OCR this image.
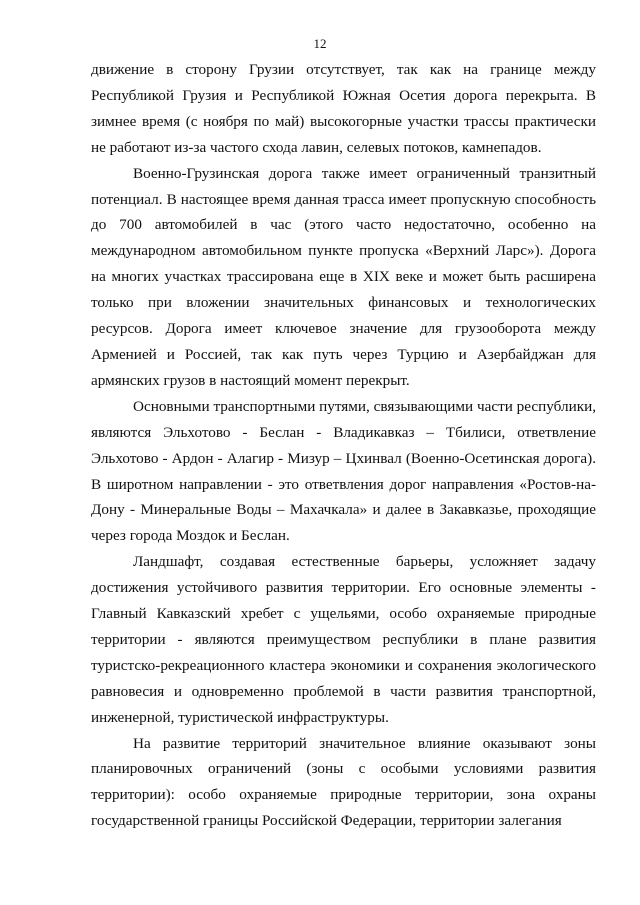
12

движение в сторону Грузии отсутствует, так как на границе между Республикой Грузия и Республикой Южная Осетия дорога перекрыта. В зимнее время (с ноября по май) высокогорные участки трассы практически не работают из-за частого схода лавин, селевых потоков, камнепадов.

Военно-Грузинская дорога также имеет ограниченный транзитный потенциал. В настоящее время данная трасса имеет пропускную способность до 700 автомобилей в час (этого часто недостаточно, особенно на международном автомобильном пункте пропуска «Верхний Ларс»). Дорога на многих участках трассирована еще в XIX веке и может быть расширена только при вложении значительных финансовых и технологических ресурсов. Дорога имеет ключевое значение для грузооборота между Арменией и Россией, так как путь через Турцию и Азербайджан для армянских грузов в настоящий момент перекрыт.

Основными транспортными путями, связывающими части республики, являются Эльхотово - Беслан - Владикавказ – Тбилиси, ответвление Эльхотово - Ардон - Алагир - Мизур – Цхинвал (Военно-Осетинская дорога). В широтном направлении - это ответвления дорог направления «Ростов-на-Дону - Минеральные Воды – Махачкала» и далее в Закавказье, проходящие через города Моздок и Беслан.

Ландшафт, создавая естественные барьеры, усложняет задачу достижения устойчивого развития территории. Его основные элементы - Главный Кавказский хребет с ущельями, особо охраняемые природные территории - являются преимуществом республики в плане развития туристско-рекреационного кластера экономики и сохранения экологического равновесия и одновременно проблемой в части развития транспортной, инженерной, туристической инфраструктуры.

На развитие территорий значительное влияние оказывают зоны планировочных ограничений (зоны с особыми условиями развития территории): особо охраняемые природные территории, зона охраны государственной границы Российской Федерации, территории залегания
